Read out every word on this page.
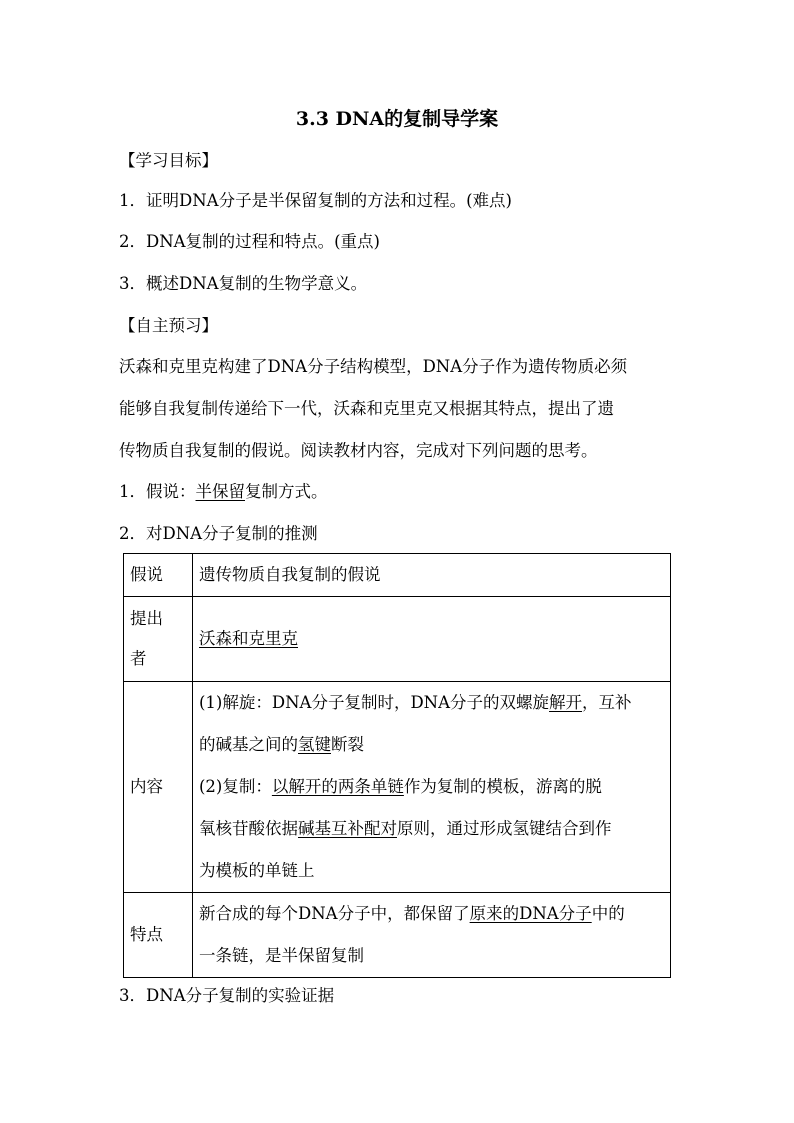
3.3 DNA的复制导学案
【学习目标】
1．证明DNA分子是半保留复制的方法和过程。(难点)
2．DNA复制的过程和特点。(重点)
3．概述DNA复制的生物学意义。
【自主预习】
沃森和克里克构建了DNA分子结构模型，DNA分子作为遗传物质必须
能够自我复制传递给下一代，沃森和克里克又根据其特点，提出了遗
传物质自我复制的假说。阅读教材内容，完成对下列问题的思考。
1．假说：半保留复制方式。
2．对DNA分子复制的推测
假说	遗传物质自我复制的假说

提出
者	沃森和克里克
内容	(1)解旋：DNA分子复制时，DNA分子的双螺旋解开，互补
的碱基之间的氢键断裂
(2)复制：以解开的两条单链作为复制的模板，游离的脱
氧核苷酸依据碱基互补配对原则，通过形成氢键结合到作
为模板的单链上

特点	新合成的每个DNA分子中，都保留了原来的DNA分子中的
一条链，是半保留复制
3．DNA分子复制的实验证据
